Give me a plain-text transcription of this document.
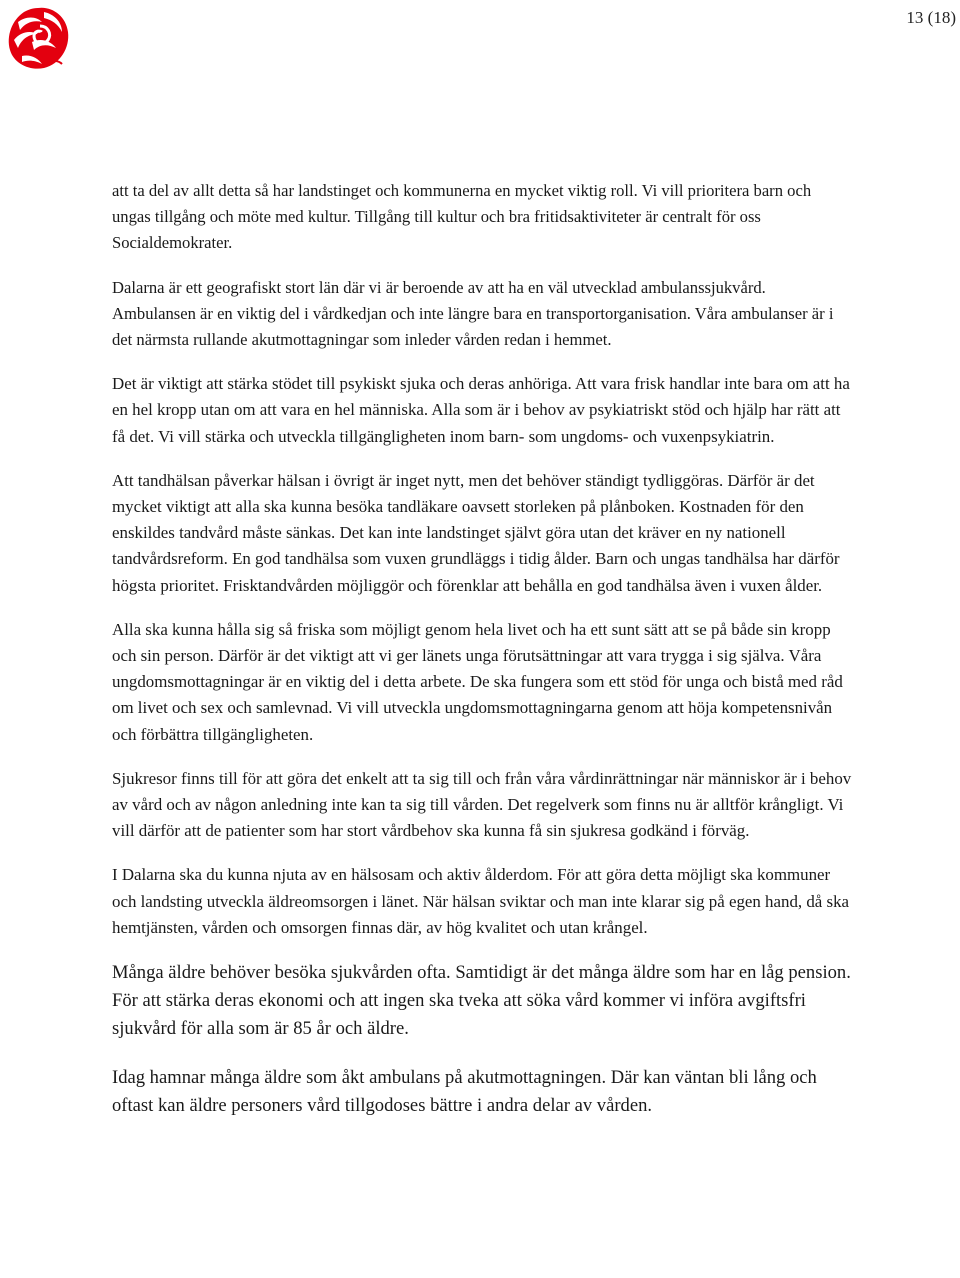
13 (18)

att ta del av allt detta så har landstinget och kommunerna en mycket viktig roll. Vi vill prioritera barn och ungas tillgång och möte med kultur. Tillgång till kultur och bra fritidsaktiviteter är centralt för oss Socialdemokrater.

Dalarna är ett geografiskt stort län där vi är beroende av att ha en väl utvecklad ambulanssjukvård. Ambulansen är en viktig del i vårdkedjan och inte längre bara en transportorganisation. Våra ambulanser är i det närmsta rullande akutmottagningar som inleder vården redan i hemmet.

Det är viktigt att stärka stödet till psykiskt sjuka och deras anhöriga. Att vara frisk handlar inte bara om att ha en hel kropp utan om att vara en hel människa. Alla som är i behov av psykiatriskt stöd och hjälp har rätt att få det. Vi vill stärka och utveckla tillgängligheten inom barn- som ungdoms- och vuxenpsykiatrin.

Att tandhälsan påverkar hälsan i övrigt är inget nytt, men det behöver ständigt tydliggöras. Därför är det mycket viktigt att alla ska kunna besöka tandläkare oavsett storleken på plånboken. Kostnaden för den enskildes tandvård måste sänkas. Det kan inte landstinget självt göra utan det kräver en ny nationell tandvårdsreform. En god tandhälsa som vuxen grundläggs i tidig ålder. Barn och ungas tandhälsa har därför högsta prioritet. Frisktandvården möjliggör och förenklar att behålla en god tandhälsa även i vuxen ålder.

Alla ska kunna hålla sig så friska som möjligt genom hela livet och ha ett sunt sätt att se på både sin kropp och sin person. Därför är det viktigt att vi ger länets unga förutsättningar att vara trygga i sig själva. Våra ungdomsmottagningar är en viktig del i detta arbete. De ska fungera som ett stöd för unga och bistå med råd om livet och sex och samlevnad. Vi vill utveckla ungdomsmottagningarna genom att höja kompetensnivån och förbättra tillgängligheten.

Sjukresor finns till för att göra det enkelt att ta sig till och från våra vårdinrättningar när människor är i behov av vård och av någon anledning inte kan ta sig till vården. Det regelverk som finns nu är alltför krångligt. Vi vill därför att de patienter som har stort vårdbehov ska kunna få sin sjukresa godkänd i förväg.

I Dalarna ska du kunna njuta av en hälsosam och aktiv ålderdom. För att göra detta möjligt ska kommuner och landsting utveckla äldreomsorgen i länet. När hälsan sviktar och man inte klarar sig på egen hand, då ska hemtjänsten, vården och omsorgen finnas där, av hög kvalitet och utan krångel.

Många äldre behöver besöka sjukvården ofta. Samtidigt är det många äldre som har en låg pension. För att stärka deras ekonomi och att ingen ska tveka att söka vård kommer vi införa avgiftsfri sjukvård för alla som är 85 år och äldre.

Idag hamnar många äldre som åkt ambulans på akutmottagningen. Där kan väntan bli lång och oftast kan äldre personers vård tillgodoses bättre i andra delar av vården.
